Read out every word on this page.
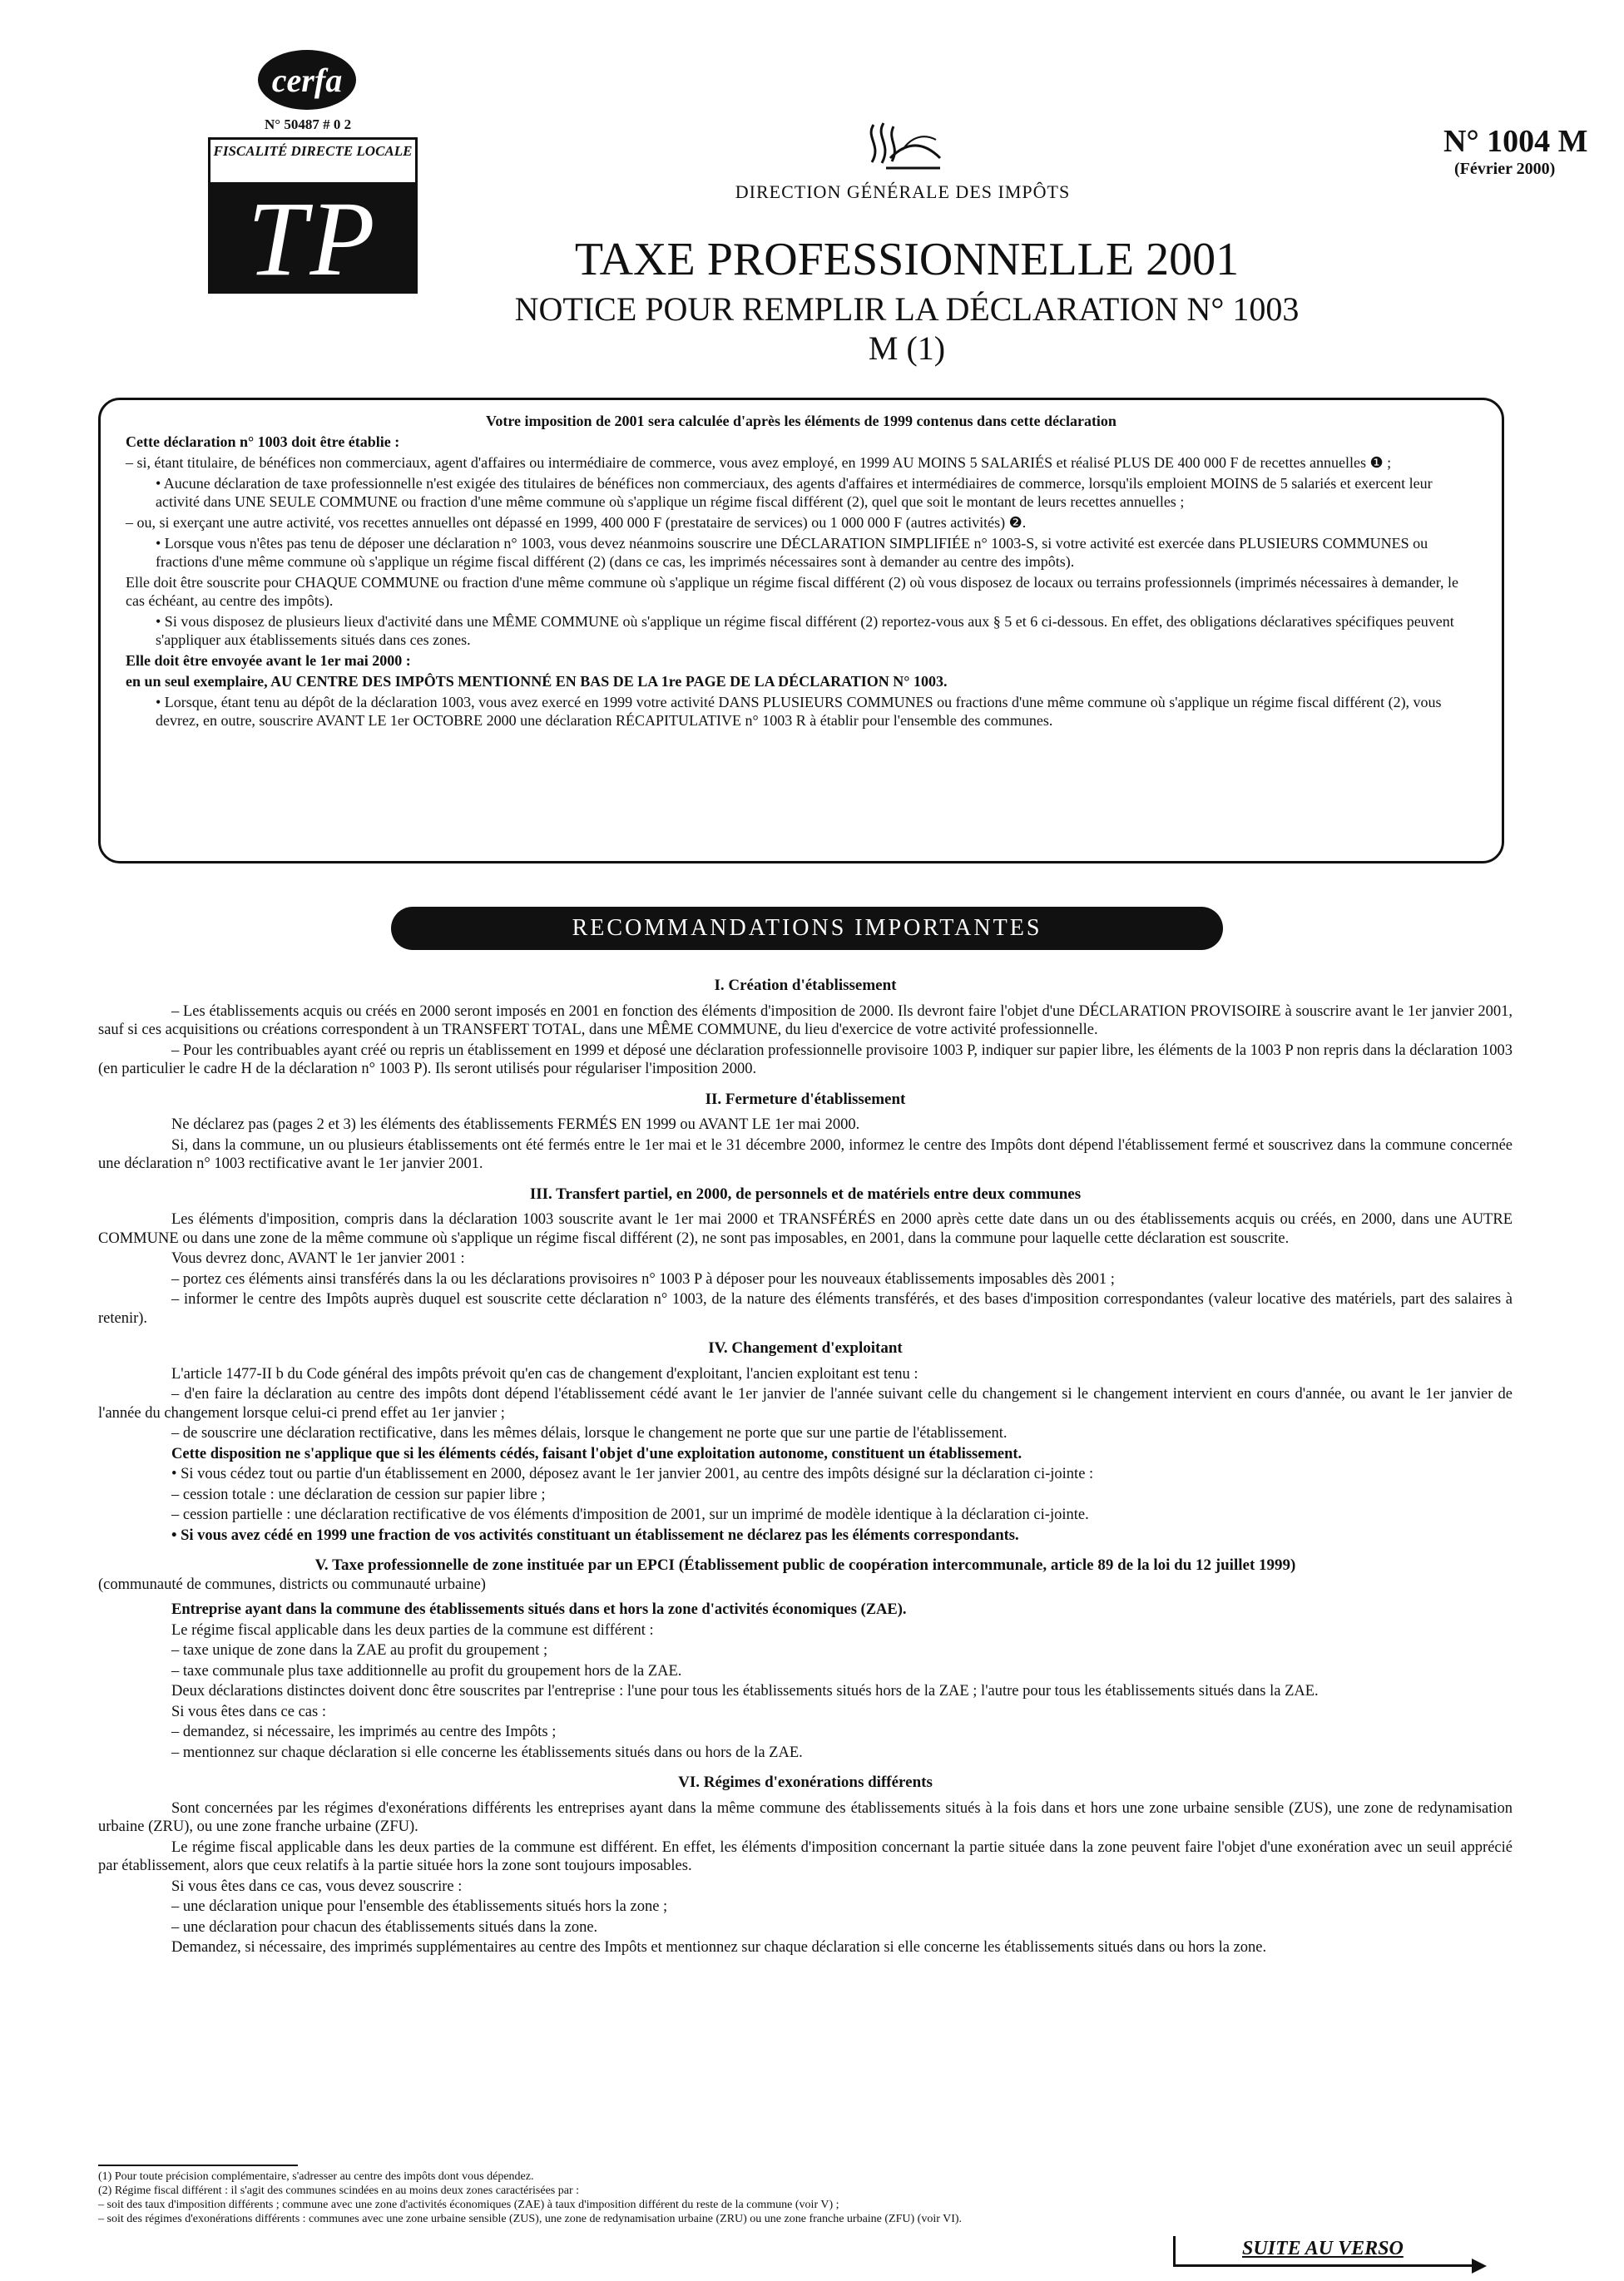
cerfa
N° 50487 # 0 2
FISCALITÉ DIRECTE LOCALE
TP	DIRECTION GÉNÉRALE DES IMPÔTS
N° 1004 M
(Février 2000)
TAXE PROFESSIONNELLE 2001
NOTICE POUR REMPLIR LA DÉCLARATION N° 1003 M (1)

Votre imposition de 2001 sera calculée d'après les éléments de 1999 contenus dans cette déclaration

Cette déclaration n° 1003 doit être établie :

– si, étant titulaire, de bénéfices non commerciaux, agent d'affaires ou intermédiaire de commerce, vous avez employé, en 1999 AU MOINS 5 SALARIÉS et réalisé PLUS DE 400 000 F de recettes annuelles ❶ ;

• Aucune déclaration de taxe professionnelle n'est exigée des titulaires de bénéfices non commerciaux, des agents d'affaires et intermédiaires de commerce, lorsqu'ils emploient MOINS de 5 salariés et exercent leur activité dans UNE SEULE COMMUNE ou fraction d'une même commune où s'applique un régime fiscal différent (2), quel que soit le montant de leurs recettes annuelles ;

– ou, si exerçant une autre activité, vos recettes annuelles ont dépassé en 1999, 400 000 F (prestataire de services) ou 1 000 000 F (autres activités) ❷.

• Lorsque vous n'êtes pas tenu de déposer une déclaration n° 1003, vous devez néanmoins souscrire une DÉCLARATION SIMPLIFIÉE n° 1003-S, si votre activité est exercée dans PLUSIEURS COMMUNES ou fractions d'une même commune où s'applique un régime fiscal différent (2) (dans ce cas, les imprimés nécessaires sont à demander au centre des impôts).

Elle doit être souscrite pour CHAQUE COMMUNE ou fraction d'une même commune où s'applique un régime fiscal différent (2) où vous disposez de locaux ou terrains professionnels (imprimés nécessaires à demander, le cas échéant, au centre des impôts).

• Si vous disposez de plusieurs lieux d'activité dans une MÊME COMMUNE où s'applique un régime fiscal différent (2) reportez-vous aux § 5 et 6 ci-dessous. En effet, des obligations déclaratives spécifiques peuvent s'appliquer aux établissements situés dans ces zones.

Elle doit être envoyée avant le 1er mai 2000 :

en un seul exemplaire, AU CENTRE DES IMPÔTS MENTIONNÉ EN BAS DE LA 1re PAGE DE LA DÉCLARATION N° 1003.

• Lorsque, étant tenu au dépôt de la déclaration 1003, vous avez exercé en 1999 votre activité DANS PLUSIEURS COMMUNES ou fractions d'une même commune où s'applique un régime fiscal différent (2), vous devrez, en outre, souscrire AVANT LE 1er OCTOBRE 2000 une déclaration RÉCAPITULATIVE n° 1003 R à établir pour l'ensemble des communes.

RECOMMANDATIONS IMPORTANTES
I. Création d'établissement

– Les établissements acquis ou créés en 2000 seront imposés en 2001 en fonction des éléments d'imposition de 2000. Ils devront faire l'objet d'une DÉCLARATION PROVISOIRE à souscrire avant le 1er janvier 2001, sauf si ces acquisitions ou créations correspondent à un TRANSFERT TOTAL, dans une MÊME COMMUNE, du lieu d'exercice de votre activité professionnelle.

– Pour les contribuables ayant créé ou repris un établissement en 1999 et déposé une déclaration professionnelle provisoire 1003 P, indiquer sur papier libre, les éléments de la 1003 P non repris dans la déclaration 1003 (en particulier le cadre H de la déclaration n° 1003 P). Ils seront utilisés pour régulariser l'imposition 2000.

II. Fermeture d'établissement

Ne déclarez pas (pages 2 et 3) les éléments des établissements FERMÉS EN 1999 ou AVANT LE 1er mai 2000.

Si, dans la commune, un ou plusieurs établissements ont été fermés entre le 1er mai et le 31 décembre 2000, informez le centre des Impôts dont dépend l'établissement fermé et souscrivez dans la commune concernée une déclaration n° 1003 rectificative avant le 1er janvier 2001.

III. Transfert partiel, en 2000, de personnels et de matériels entre deux communes

Les éléments d'imposition, compris dans la déclaration 1003 souscrite avant le 1er mai 2000 et TRANSFÉRÉS en 2000 après cette date dans un ou des établissements acquis ou créés, en 2000, dans une AUTRE COMMUNE ou dans une zone de la même commune où s'applique un régime fiscal différent (2), ne sont pas imposables, en 2001, dans la commune pour laquelle cette déclaration est souscrite.

Vous devrez donc, AVANT le 1er janvier 2001 :

– portez ces éléments ainsi transférés dans la ou les déclarations provisoires n° 1003 P à déposer pour les nouveaux établissements imposables dès 2001 ;

– informer le centre des Impôts auprès duquel est souscrite cette déclaration n° 1003, de la nature des éléments transférés, et des bases d'imposition correspondantes (valeur locative des matériels, part des salaires à retenir).

IV. Changement d'exploitant

L'article 1477-II b du Code général des impôts prévoit qu'en cas de changement d'exploitant, l'ancien exploitant est tenu :

– d'en faire la déclaration au centre des impôts dont dépend l'établissement cédé avant le 1er janvier de l'année suivant celle du changement si le changement intervient en cours d'année, ou avant le 1er janvier de l'année du changement lorsque celui-ci prend effet au 1er janvier ;

– de souscrire une déclaration rectificative, dans les mêmes délais, lorsque le changement ne porte que sur une partie de l'établissement.

Cette disposition ne s'applique que si les éléments cédés, faisant l'objet d'une exploitation autonome, constituent un établissement.

• Si vous cédez tout ou partie d'un établissement en 2000, déposez avant le 1er janvier 2001, au centre des impôts désigné sur la déclaration ci-jointe :

– cession totale : une déclaration de cession sur papier libre ;

– cession partielle : une déclaration rectificative de vos éléments d'imposition de 2001, sur un imprimé de modèle identique à la déclaration ci-jointe.

• Si vous avez cédé en 1999 une fraction de vos activités constituant un établissement ne déclarez pas les éléments correspondants.

V. Taxe professionnelle de zone instituée par un EPCI (Établissement public de coopération intercommunale, article 89 de la loi du 12 juillet 1999)

(communauté de communes, districts ou communauté urbaine)

Entreprise ayant dans la commune des établissements situés dans et hors la zone d'activités économiques (ZAE).

Le régime fiscal applicable dans les deux parties de la commune est différent :

– taxe unique de zone dans la ZAE au profit du groupement ;

– taxe communale plus taxe additionnelle au profit du groupement hors de la ZAE.

Deux déclarations distinctes doivent donc être souscrites par l'entreprise : l'une pour tous les établissements situés hors de la ZAE ; l'autre pour tous les établissements situés dans la ZAE.

Si vous êtes dans ce cas :

– demandez, si nécessaire, les imprimés au centre des Impôts ;

– mentionnez sur chaque déclaration si elle concerne les établissements situés dans ou hors de la ZAE.

VI. Régimes d'exonérations différents

Sont concernées par les régimes d'exonérations différents les entreprises ayant dans la même commune des établissements situés à la fois dans et hors une zone urbaine sensible (ZUS), une zone de redynamisation urbaine (ZRU), ou une zone franche urbaine (ZFU).

Le régime fiscal applicable dans les deux parties de la commune est différent. En effet, les éléments d'imposition concernant la partie située dans la zone peuvent faire l'objet d'une exonération avec un seuil apprécié par établissement, alors que ceux relatifs à la partie située hors la zone sont toujours imposables.

Si vous êtes dans ce cas, vous devez souscrire :

– une déclaration unique pour l'ensemble des établissements situés hors la zone ;

– une déclaration pour chacun des établissements situés dans la zone.

Demandez, si nécessaire, des imprimés supplémentaires au centre des Impôts et mentionnez sur chaque déclaration si elle concerne les établissements situés dans ou hors la zone.

(1) Pour toute précision complémentaire, s'adresser au centre des impôts dont vous dépendez.

(2) Régime fiscal différent : il s'agit des communes scindées en au moins deux zones caractérisées par :

– soit des taux d'imposition différents ; commune avec une zone d'activités économiques (ZAE) à taux d'imposition différent du reste de la commune (voir V) ;

– soit des régimes d'exonérations différents : communes avec une zone urbaine sensible (ZUS), une zone de redynamisation urbaine (ZRU) ou une zone franche urbaine (ZFU) (voir VI).

SUITE AU VERSO
